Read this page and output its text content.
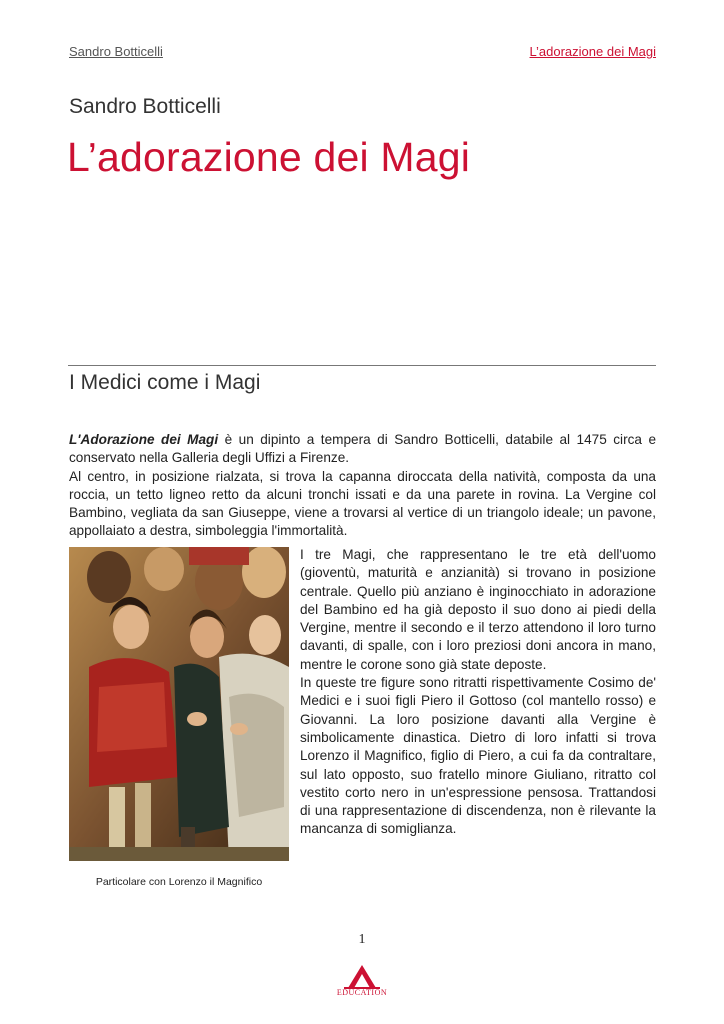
Sandro Botticelli	L’adorazione dei Magi
Sandro Botticelli
L’adorazione dei Magi
I Medici come i Magi

L'Adorazione dei Magi è un dipinto a tempera di Sandro Botticelli, databile al 1475 circa e conservato nella Galleria degli Uffizi a Firenze.

Al centro, in posizione rialzata, si trova la capanna diroccata della natività, composta da una roccia, un tetto ligneo retto da alcuni tronchi issati e da una parete in rovina. La Vergine col Bambino, vegliata da san Giuseppe, viene a trovarsi al vertice di un triangolo ideale; un pavone, appollaiato a destra, simboleggia l'immortalità.

Particolare con Lorenzo il Magnifico

I tre Magi, che rappresentano le tre età dell'uomo (gioventù, maturità e anzianità) si trovano in posizione centrale. Quello più anziano è inginocchiato in adorazione del Bambino ed ha già deposto il suo dono ai piedi della Vergine, mentre il secondo e il terzo attendono il loro turno davanti, di spalle, con i loro preziosi doni ancora in mano, mentre le corone sono già state deposte.

In queste tre figure sono ritratti rispettivamente Cosimo de' Medici e i suoi figli Piero il Gottoso (col mantello rosso) e Giovanni. La loro posizione davanti alla Vergine è simbolicamente dinastica. Dietro di loro infatti si trova Lorenzo il Magnifico, figlio di Piero, a cui fa da contraltare, sul lato opposto, suo fratello minore Giuliano, ritratto col vestito corto nero in un'espressione pensosa. Trattandosi di una rappresentazione di discendenza, non è rilevante la mancanza di somiglianza.

1
EDUCATION
